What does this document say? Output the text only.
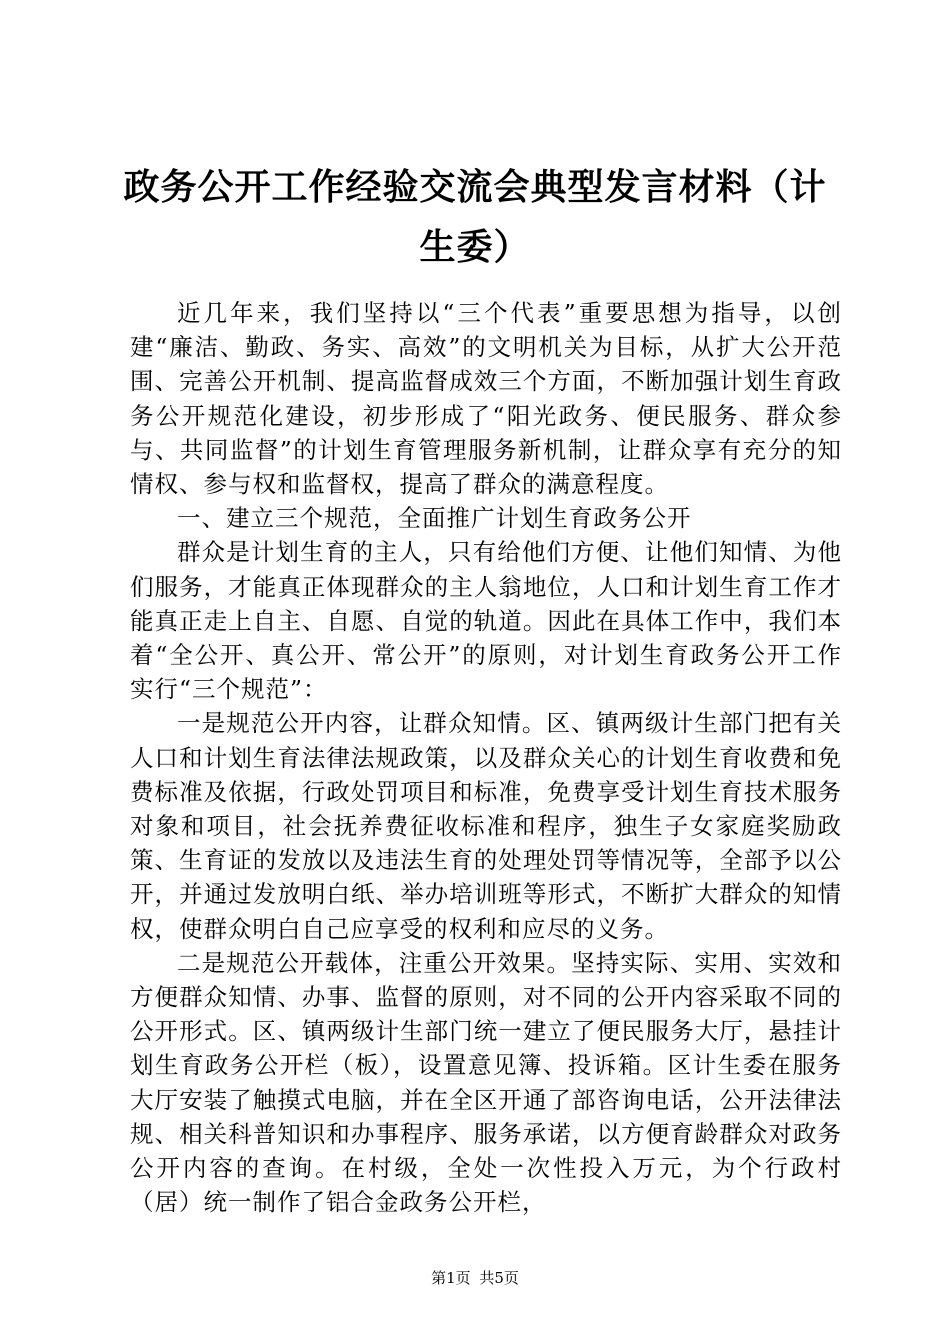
政务公开工作经验交流会典型发言材料（计生委）

近几年来，我们坚持以“三个代表”重要思想为指导，以创建“廉洁、勤政、务实、高效”的文明机关为目标，从扩大公开范围、完善公开机制、提高监督成效三个方面，不断加强计划生育政务公开规范化建设，初步形成了“阳光政务、便民服务、群众参与、共同监督”的计划生育管理服务新机制，让群众享有充分的知情权、参与权和监督权，提高了群众的满意程度。

一、建立三个规范，全面推广计划生育政务公开

群众是计划生育的主人，只有给他们方便、让他们知情、为他们服务，才能真正体现群众的主人翁地位，人口和计划生育工作才能真正走上自主、自愿、自觉的轨道。因此在具体工作中，我们本着“全公开、真公开、常公开”的原则，对计划生育政务公开工作实行“三个规范”：

一是规范公开内容，让群众知情。区、镇两级计生部门把有关人口和计划生育法律法规政策，以及群众关心的计划生育收费和免费标准及依据，行政处罚项目和标准，免费享受计划生育技术服务对象和项目，社会抚养费征收标准和程序，独生子女家庭奖励政策、生育证的发放以及违法生育的处理处罚等情况等，全部予以公开，并通过发放明白纸、举办培训班等形式，不断扩大群众的知情权，使群众明白自己应享受的权利和应尽的义务。

二是规范公开载体，注重公开效果。坚持实际、实用、实效和方便群众知情、办事、监督的原则，对不同的公开内容采取不同的公开形式。区、镇两级计生部门统一建立了便民服务大厅，悬挂计划生育政务公开栏（板），设置意见簿、投诉箱。区计生委在服务大厅安装了触摸式电脑，并在全区开通了部咨询电话，公开法律法规、相关科普知识和办事程序、服务承诺，以方便育龄群众对政务公开内容的查询。在村级，全处一次性投入万元，为个行政村（居）统一制作了铝合金政务公开栏，

第1页 共5页
